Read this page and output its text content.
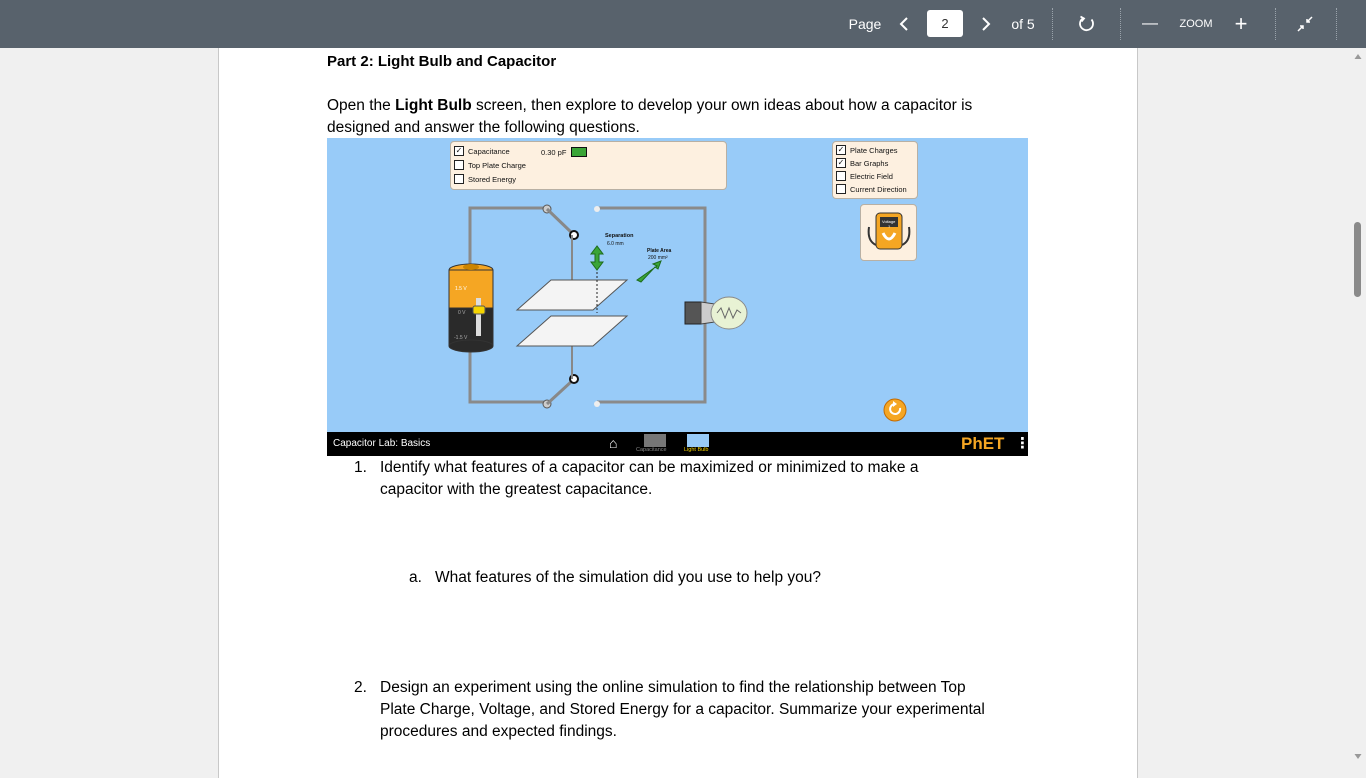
Page	2	of 5	—	ZOOM	+
Part 2: Light Bulb and Capacitor
Open the Light Bulb screen, then explore to develop your own ideas about how a capacitor is
designed and answer the following questions.
✓ Capacitance	0.30 pF
Top Plate Charge
Stored Energy
✓ Plate Charges
✓ Bar Graphs
Electric Field
Current Direction
Voltage
?
Separation
6.0 mm
Plate Area
200 mm²
1.5 V
0 V
-1.5 V
Capacitor Lab: Basics	⌂	Capacitance	Light Bulb	PhET ⋮
1. Identify what features of a capacitor can be maximized or minimized to make a
capacitor with the greatest capacitance.
a. What features of the simulation did you use to help you?
2. Design an experiment using the online simulation to find the relationship between Top
Plate Charge, Voltage, and Stored Energy for a capacitor. Summarize your experimental
procedures and expected findings.
